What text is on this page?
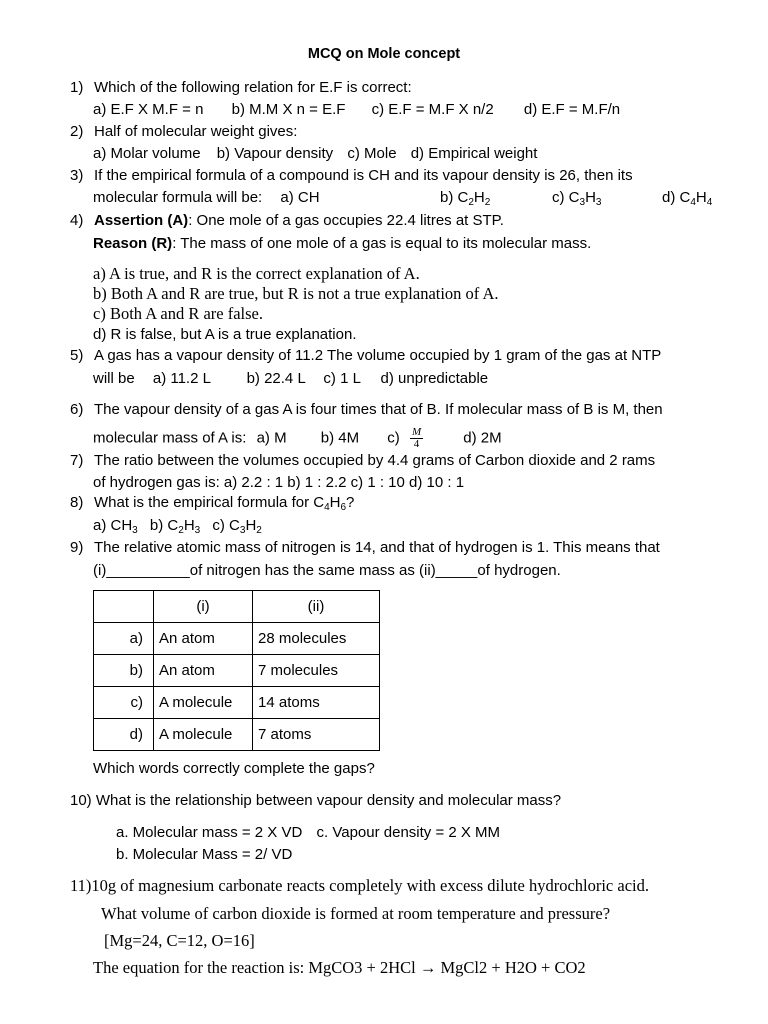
MCQ on Mole concept
1) Which of the following relation for E.F is correct:
a) E.F X M.F = n b) M.M X n = E.F c) E.F = M.F X n/2 d) E.F = M.F/n
2) Half of molecular weight gives:
a) Molar volume b) Vapour density c) Mole d) Empirical weight
3) If the empirical formula of a compound is CH and its vapour density is 26, then its
molecular formula will be: a) CH	b) $C_2H_2$	c) $C_3H_3$	d) $C_4H_4$
4) Assertion (A): One mole of a gas occupies 22.4 litres at STP.
Reason (R): The mass of one mole of a gas is equal to its molecular mass.
a) A is true, and R is the correct explanation of A.
b) Both A and R are true, but R is not a true explanation of A.
c) Both A and R are false.
d) R is false, but A is a true explanation.
5) A gas has a vapour density of 11.2 The volume occupied by 1 gram of the gas at NTP
will be a) 11.2 L b) 22.4 L c) 1 L d) unpredictable
6) The vapour density of a gas A is four times that of B. If molecular mass of B is M, then
molecular mass of A is: a) M b) 4M $c) \frac{M}{4}$	d) 2M
7) The ratio between the volumes occupied by 4.4 grams of Carbon dioxide and 2 rams
of hydrogen gas is: a) 2.2 : 1 b) 1 : 2.2 c) 1 : 10 d) 10 : 1
8) What is the empirical formula for $C_4H_6$?
a) $CH_3$ b) $C_2H_3$ c) $C_3H_2$
9) The relative atomic mass of nitrogen is 14, and that of hydrogen is 1. This means that
(i)__________of nitrogen has the same mass as (ii)_____of hydrogen.
	(i)	(ii)
a)	An atom	28 molecules
b)	An atom	7 molecules
c)	A molecule	14 atoms
d)	A molecule	7 atoms
Which words correctly complete the gaps?
10) What is the relationship between vapour density and molecular mass?
a. Molecular mass = 2 X VD c. Vapour density = 2 X MM
b. Molecular Mass = 2/ VD
11)10g of magnesium carbonate reacts completely with excess dilute hydrochloric acid.
What volume of carbon dioxide is formed at room temperature and pressure?
[Mg=24, C=12, O=16]
The equation for the reaction is: MgCO3 + 2HCl → MgCl2 + H2O + CO2
